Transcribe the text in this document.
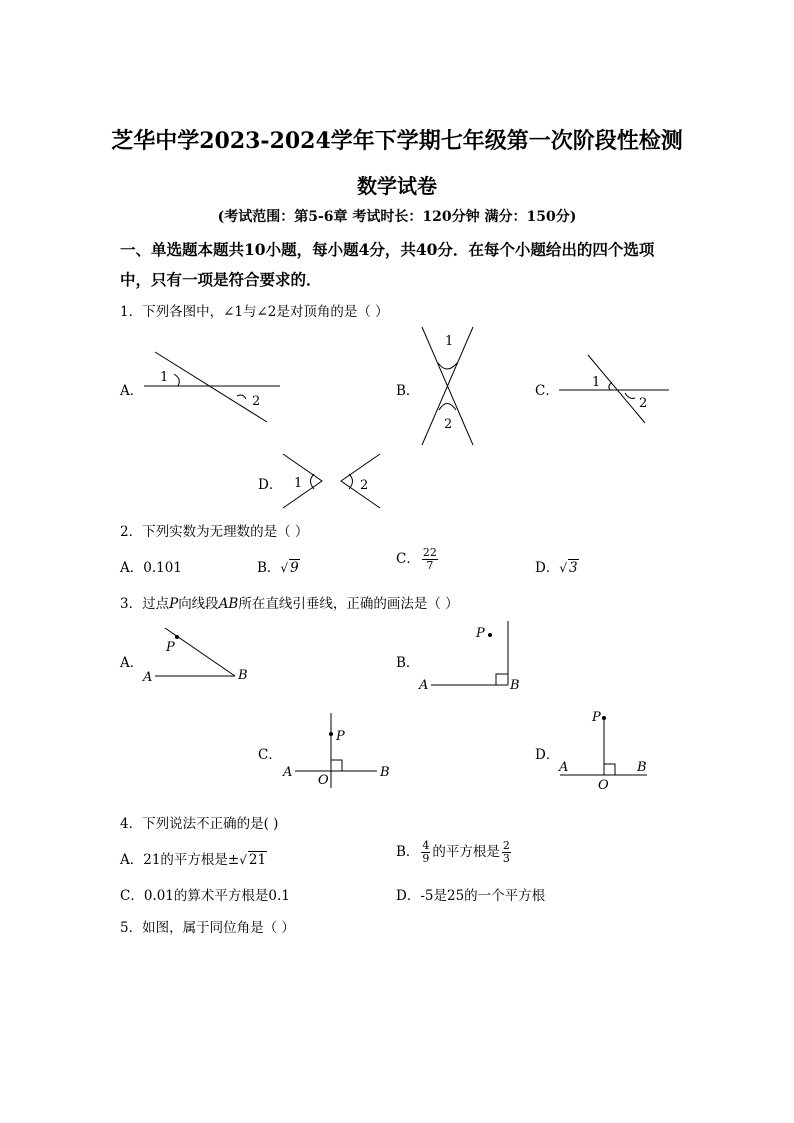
芝华中学2023-2024学年下学期七年级第一次阶段性检测
数学试卷
(考试范围：第5-6章 考试时长：120分钟 满分：150分)
一、单选题本题共10小题，每小题4分，共40分．在每个小题给出的四个选项
中，只有一项是符合要求的．
1．下列各图中，∠1与∠2是对顶角的是（ ）
A．
1
2
B．
1
2
C．
1
2
D． 1	2
2．下列实数为无理数的是（ ）
A．0.101	B．√ 9
C． $\frac{22}{7}$	D．√ 3
3．过点P向线段AB所在直线引垂线，正确的画法是（ ）
A．
P
A	B
B．
P
A	B
C．
P
A	B
O
D．
P
A	B
O
4．下列说法不正确的是( )
A．21的平方根是±√ 21	B． $\frac{4}{9}$ 的平方根是 $\frac{2}{3}$
C．0.01的算术平方根是0.1	D．-5是25的一个平方根
5．如图，属于同位角是（ ）
